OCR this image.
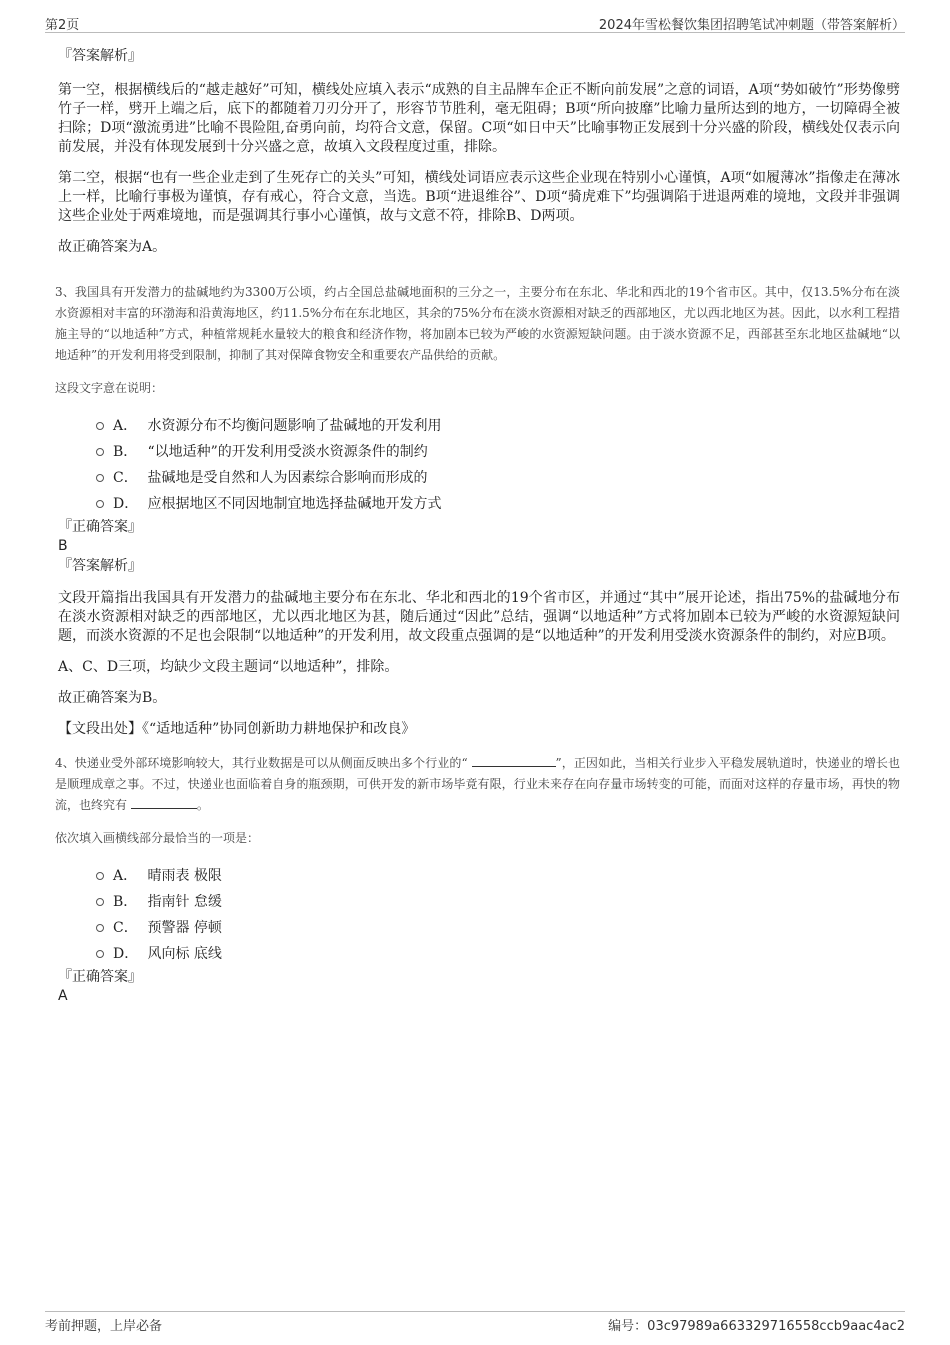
第2页	2024年雪松餐饮集团招聘笔试冲刺题（带答案解析）

『答案解析』

第一空，根据横线后的“越走越好”可知，横线处应填入表示“成熟的自主品牌车企正不断向前发展”之意的词语，A项“势如破竹”形势像劈竹子一样，劈开上端之后，底下的都随着刀刃分开了，形容节节胜利，毫无阻碍；B项“所向披靡”比喻力量所达到的地方，一切障碍全被扫除；D项“激流勇进”比喻不畏险阻,奋勇向前，均符合文意，保留。C项“如日中天”比喻事物正发展到十分兴盛的阶段，横线处仅表示向前发展，并没有体现发展到十分兴盛之意，故填入文段程度过重，排除。

第二空，根据“也有一些企业走到了生死存亡的关头”可知，横线处词语应表示这些企业现在特别小心谨慎，A项“如履薄冰”指像走在薄冰上一样，比喻行事极为谨慎，存有戒心，符合文意，当选。B项“进退维谷”、D项“骑虎难下”均强调陷于进退两难的境地，文段并非强调这些企业处于两难境地，而是强调其行事小心谨慎，故与文意不符，排除B、D两项。

故正确答案为A。

3、我国具有开发潜力的盐碱地约为3300万公顷，约占全国总盐碱地面积的三分之一，主要分布在东北、华北和西北的19个省市区。其中，仅13.5%分布在淡水资源相对丰富的环渤海和沿黄海地区，约11.5%分布在东北地区，其余的75%分布在淡水资源相对缺乏的西部地区，尤以西北地区为甚。因此，以水利工程措施主导的“以地适种”方式，种植常规耗水量较大的粮食和经济作物，将加剧本已较为严峻的水资源短缺问题。由于淡水资源不足，西部甚至东北地区盐碱地“以地适种”的开发利用将受到限制，抑制了其对保障食物安全和重要农产品供给的贡献。

这段文字意在说明：

A． 水资源分布不均衡问题影响了盐碱地的开发利用
B． “以地适种”的开发利用受淡水资源条件的制约
C． 盐碱地是受自然和人为因素综合影响而形成的
D． 应根据地区不同因地制宜地选择盐碱地开发方式

『正确答案』

B

『答案解析』

文段开篇指出我国具有开发潜力的盐碱地主要分布在东北、华北和西北的19个省市区，并通过“其中”展开论述，指出75%的盐碱地分布在淡水资源相对缺乏的西部地区，尤以西北地区为甚，随后通过“因此”总结，强调“以地适种”方式将加剧本已较为严峻的水资源短缺问题，而淡水资源的不足也会限制“以地适种”的开发利用，故文段重点强调的是“以地适种”的开发利用受淡水资源条件的制约，对应B项。

A、C、D三项，均缺少文段主题词“以地适种”，排除。

故正确答案为B。

【文段出处】《“适地适种”协同创新助力耕地保护和改良》

4、快递业受外部环境影响较大，其行业数据是可以从侧面反映出多个行业的“	”，正因如此，当相关行业步入平稳发展轨道时，快递业的增长也是顺理成章之事。不过，快递业也面临着自身的瓶颈期，可供开发的新市场毕竟有限，行业未来存在向存量市场转变的可能，而面对这样的存量市场，再快的物流，也终究有	。

依次填入画横线部分最恰当的一项是：

A． 晴雨表 极限
B． 指南针 怠缓
C． 预警器 停顿
D． 风向标 底线

『正确答案』

A

考前押题，上岸必备	编号：03c97989a663329716558ccb9aac4ac2
